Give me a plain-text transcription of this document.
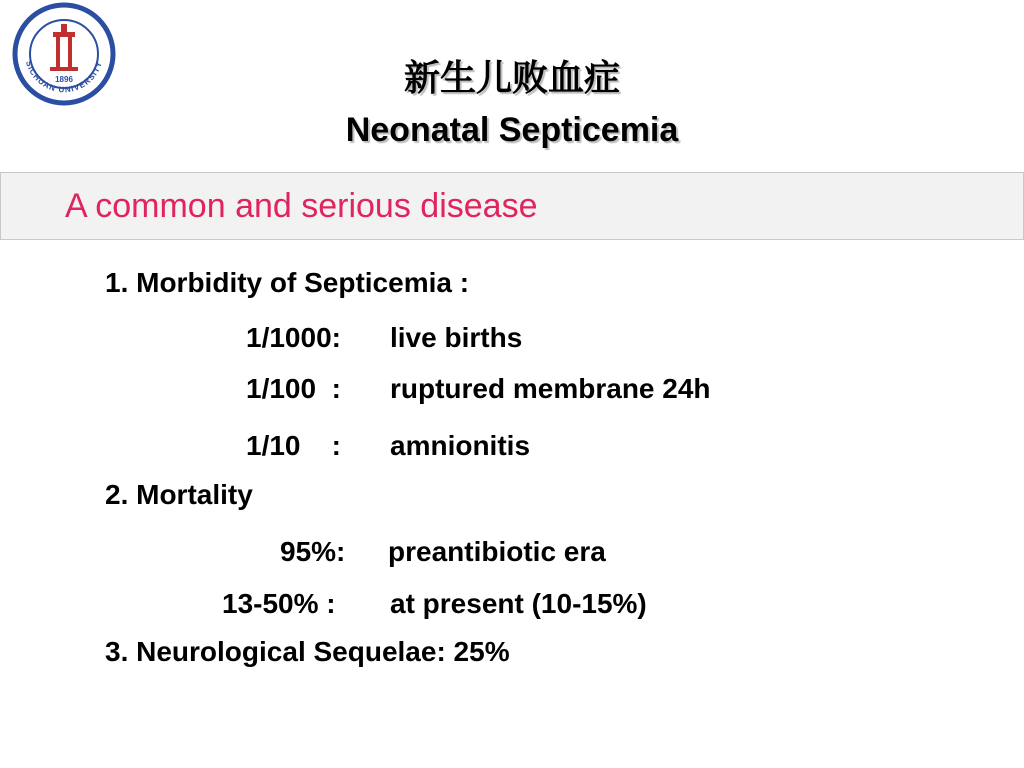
SICHUAN UNIVERSITY
1896	新生儿败血症
Neonatal Septicemia
A common and serious disease
1. Morbidity of Septicemia :
1/1000: live births
1/100  : ruptured membrane 24h
1/10    : amnionitis
2. Mortality
95%: preantibiotic era
13-50% : at present (10-15%)
3. Neurological Sequelae: 25%
